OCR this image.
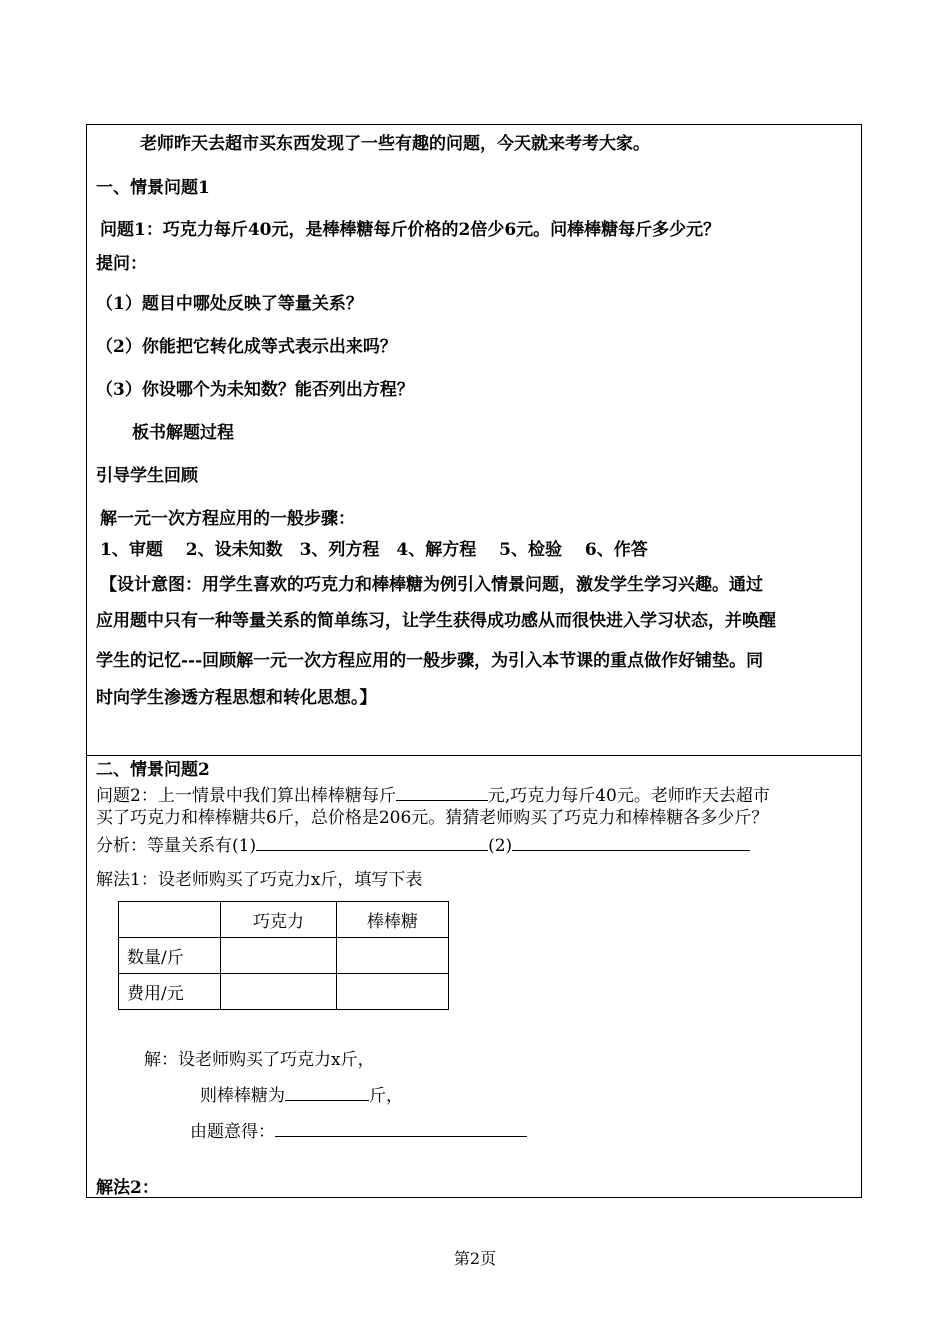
老师昨天去超市买东西发现了一些有趣的问题，今天就来考考大家。
一、情景问题1
问题1：巧克力每斤40元，是棒棒糖每斤价格的2倍少6元。问棒棒糖每斤多少元？
提问：
（1）题目中哪处反映了等量关系？
（2）你能把它转化成等式表示出来吗？
（3）你设哪个为未知数？能否列出方程？
板书解题过程
引导学生回顾
解一元一次方程应用的一般步骤：
1、审题　 2、设未知数　3、列方程　4、解方程　 5、检验　 6、作答
【设计意图：用学生喜欢的巧克力和棒棒糖为例引入情景问题，激发学生学习兴趣。通过
应用题中只有一种等量关系的简单练习，让学生获得成功感从而很快进入学习状态，并唤醒
学生的记忆---回顾解一元一次方程应用的一般步骤，为引入本节课的重点做作好铺垫。同
时向学生渗透方程思想和转化思想。】
二、情景问题2
问题2：上一情景中我们算出棒棒糖每斤	元,巧克力每斤40元。老师昨天去超市
买了巧克力和棒棒糖共6斤，总价格是206元。猜猜老师购买了巧克力和棒棒糖各多少斤？
分析：等量关系有(1)	(2)
解法1：设老师购买了巧克力x斤，填写下表
	巧克力	棒棒糖
数量/斤		
费用/元		
解：设老师购买了巧克力x斤，
则棒棒糖为	斤，
由题意得：
解法2：
第2页
